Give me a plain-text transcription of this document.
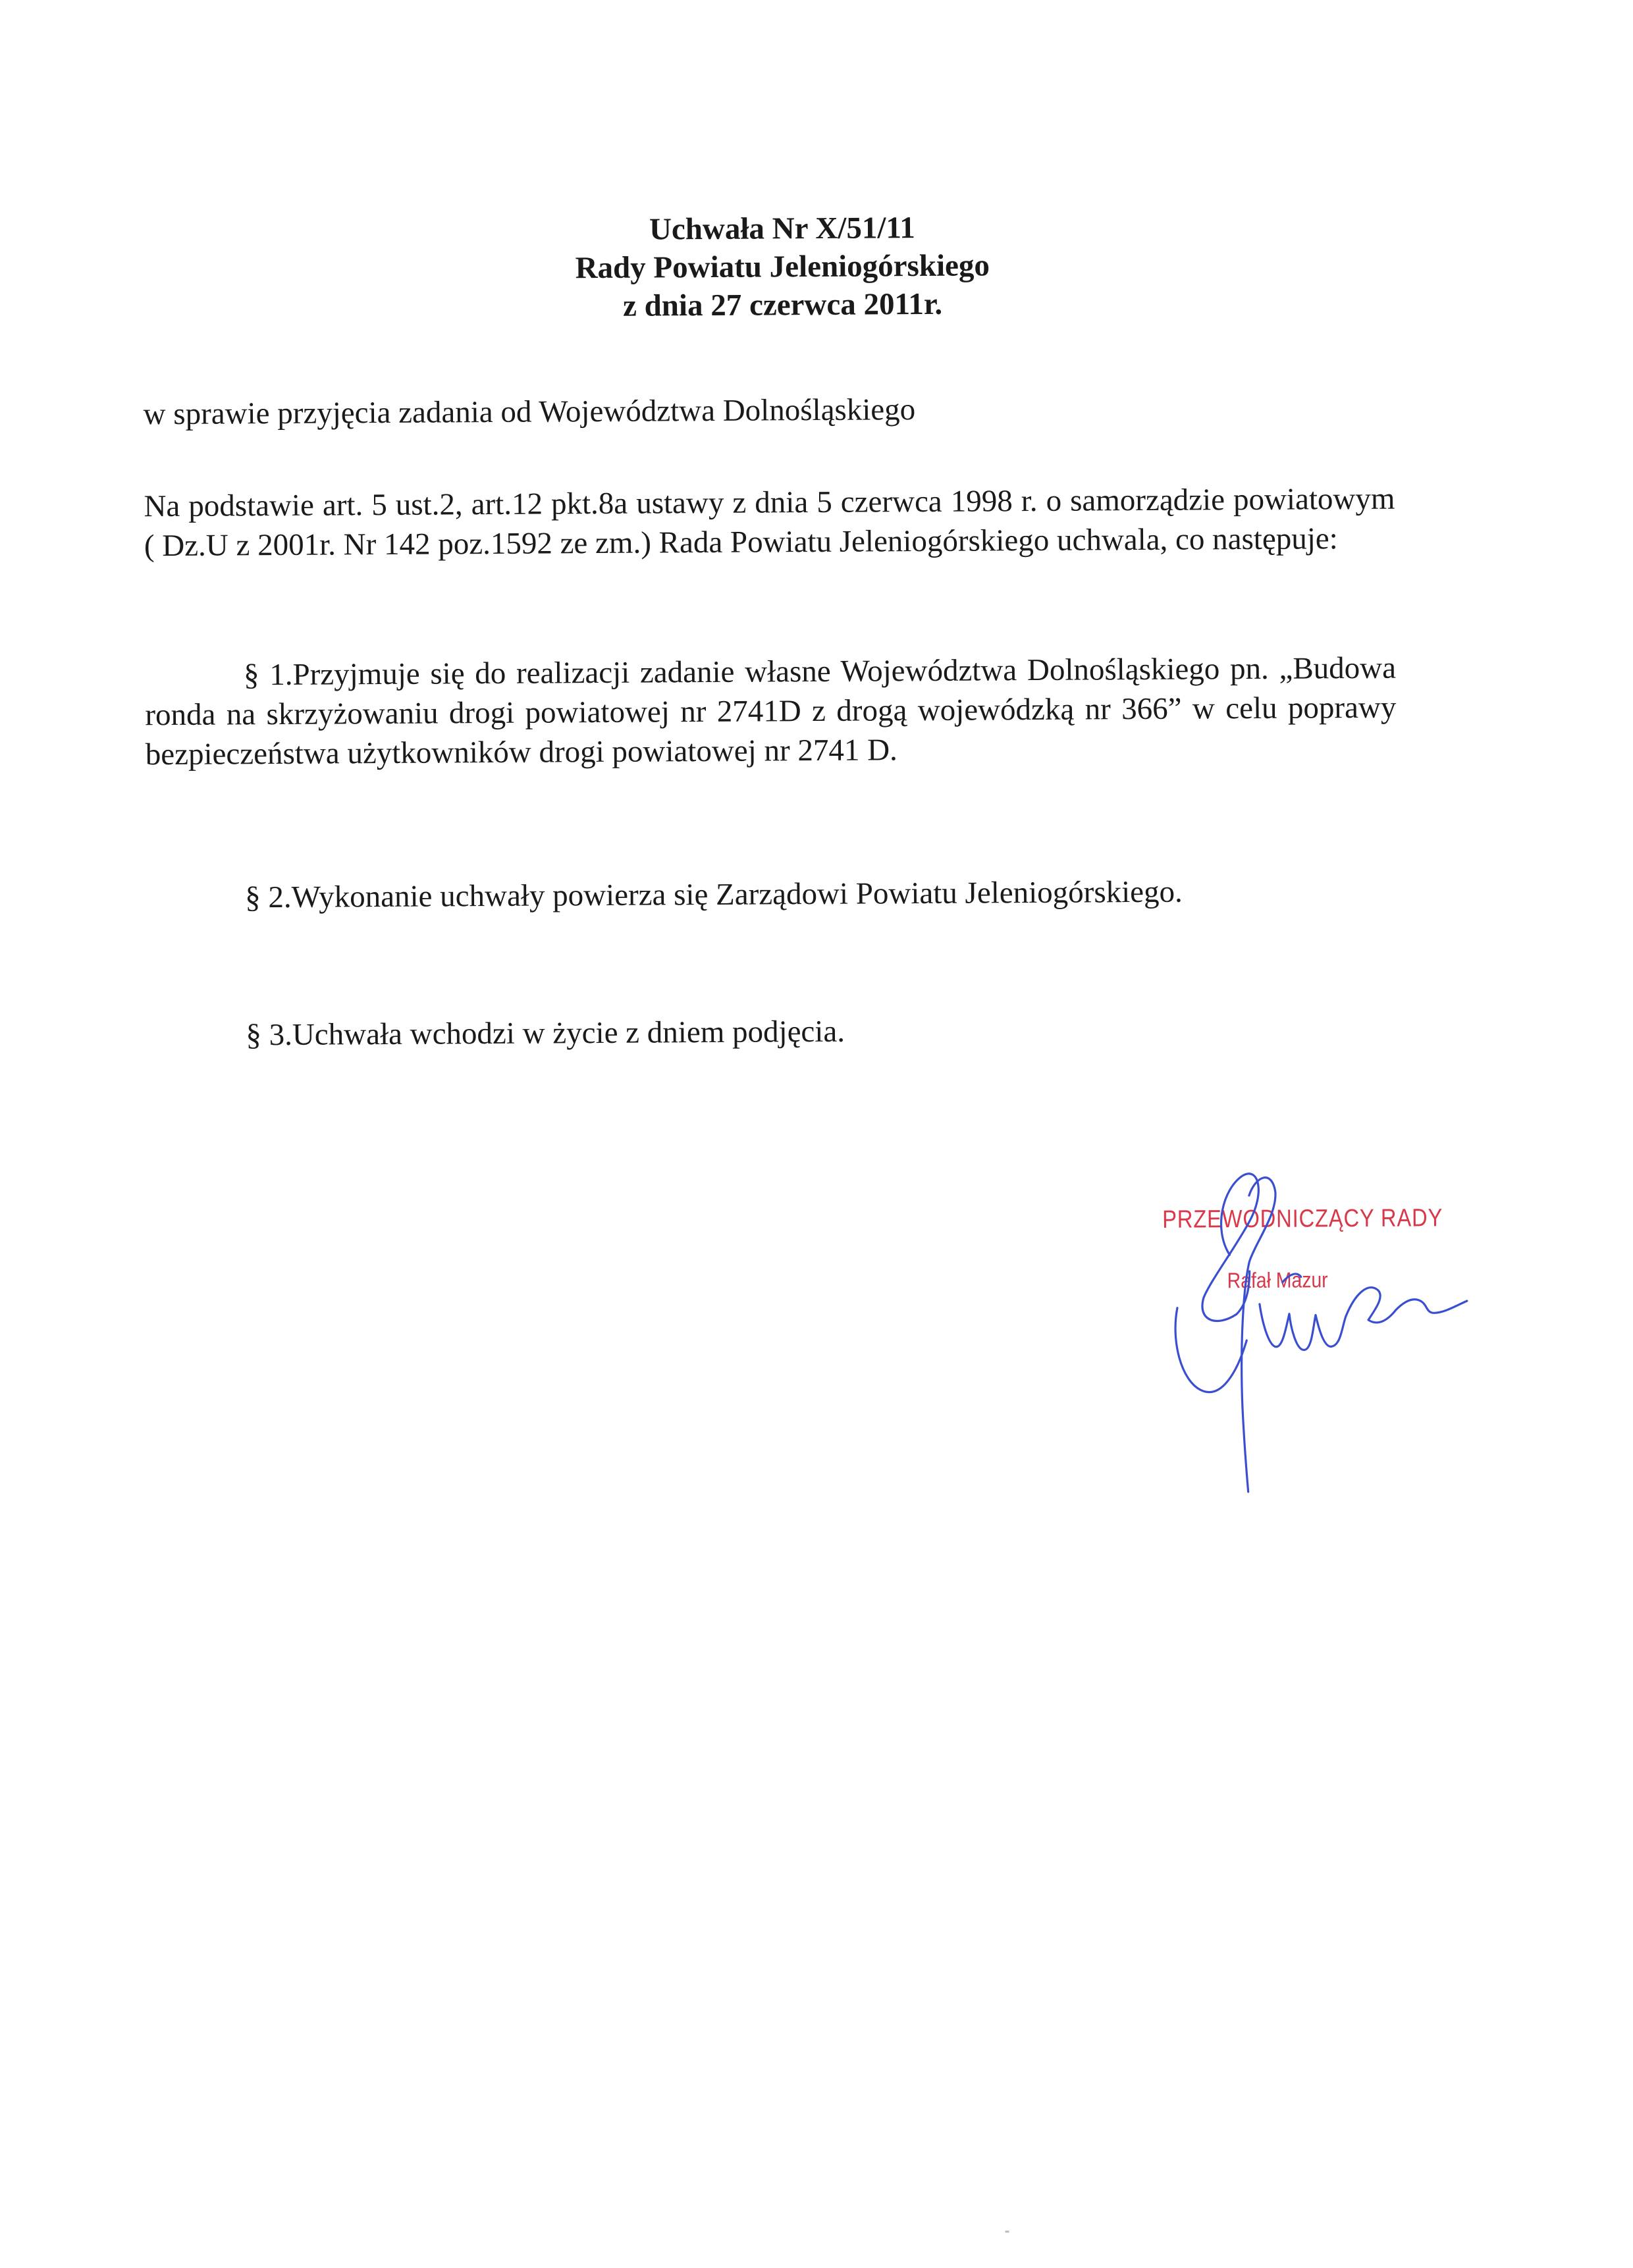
Uchwała Nr X/51/11
Rady Powiatu Jeleniogórskiego
z dnia 27 czerwca 2011r.
w sprawie przyjęcia zadania od Województwa Dolnośląskiego
Na podstawie art. 5 ust.2, art.12 pkt.8a ustawy z dnia 5 czerwca 1998 r. o samorządzie powiatowym ( Dz.U z 2001r. Nr 142 poz.1592 ze zm.) Rada Powiatu Jeleniogórskiego uchwala, co następuje:
§ 1.Przyjmuje się do realizacji zadanie własne Województwa Dolnośląskiego pn. „Budowa ronda na skrzyżowaniu drogi powiatowej nr 2741D z drogą wojewódzką nr 366” w celu poprawy bezpieczeństwa użytkowników drogi powiatowej nr 2741 D.
§ 2.Wykonanie uchwały powierza się Zarządowi Powiatu Jeleniogórskiego.
§ 3.Uchwała wchodzi w życie z dniem podjęcia.
PRZEWODNICZĄCY RADY
Rafał Mazur
